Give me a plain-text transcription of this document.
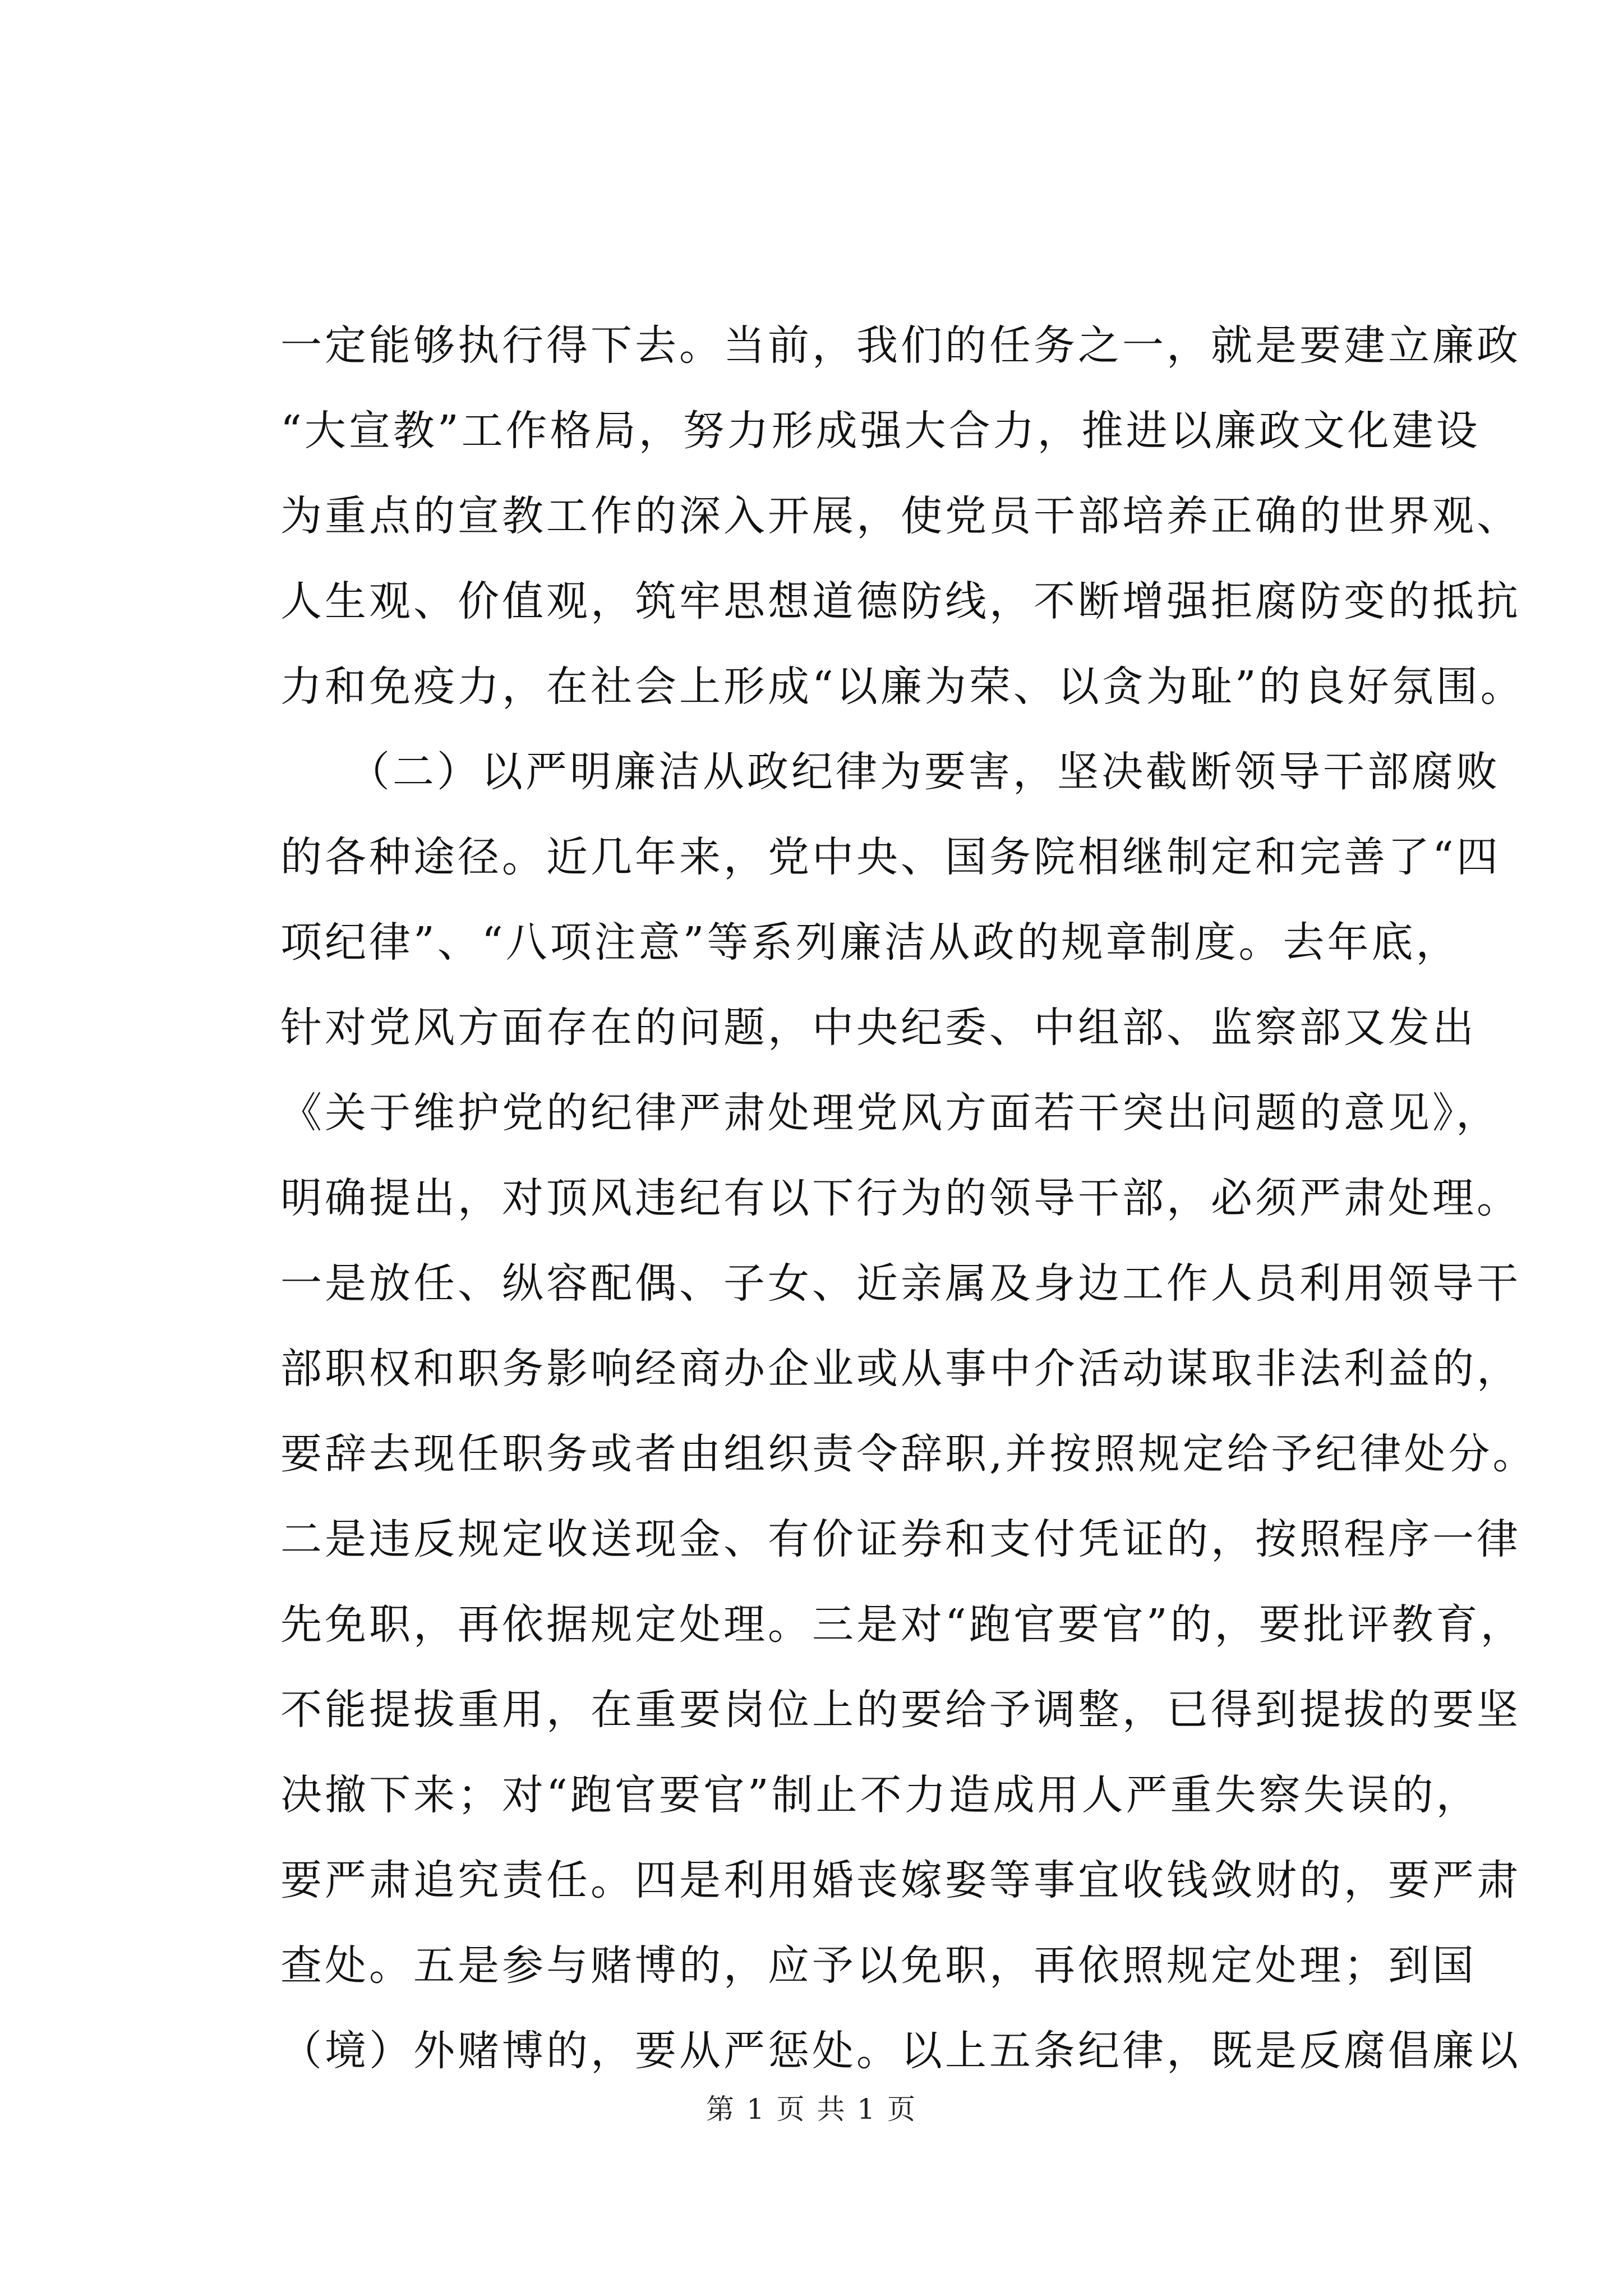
一定能够执行得下去。当前，我们的任务之一，就是要建立廉政
“大宣教”工作格局，努力形成强大合力，推进以廉政文化建设
为重点的宣教工作的深入开展，使党员干部培养正确的世界观、
人生观、价值观，筑牢思想道德防线，不断增强拒腐防变的抵抗
力和免疫力，在社会上形成“以廉为荣、以贪为耻”的良好氛围。
　　（二）以严明廉洁从政纪律为要害，坚决截断领导干部腐败
的各种途径。近几年来，党中央、国务院相继制定和完善了“四
项纪律”、“八项注意”等系列廉洁从政的规章制度。去年底，
针对党风方面存在的问题，中央纪委、中组部、监察部又发出
《关于维护党的纪律严肃处理党风方面若干突出问题的意见》，
明确提出，对顶风违纪有以下行为的领导干部，必须严肃处理。
一是放任、纵容配偶、子女、近亲属及身边工作人员利用领导干
部职权和职务影响经商办企业或从事中介活动谋取非法利益的，
要辞去现任职务或者由组织责令辞职,并按照规定给予纪律处分。
二是违反规定收送现金、有价证券和支付凭证的，按照程序一律
先免职，再依据规定处理。三是对“跑官要官”的，要批评教育，
不能提拔重用，在重要岗位上的要给予调整，已得到提拔的要坚
决撤下来；对“跑官要官”制止不力造成用人严重失察失误的，
要严肃追究责任。四是利用婚丧嫁娶等事宜收钱敛财的，要严肃
查处。五是参与赌博的，应予以免职，再依照规定处理；到国
（境）外赌博的，要从严惩处。以上五条纪律，既是反腐倡廉以
第 1 页 共 1 页
